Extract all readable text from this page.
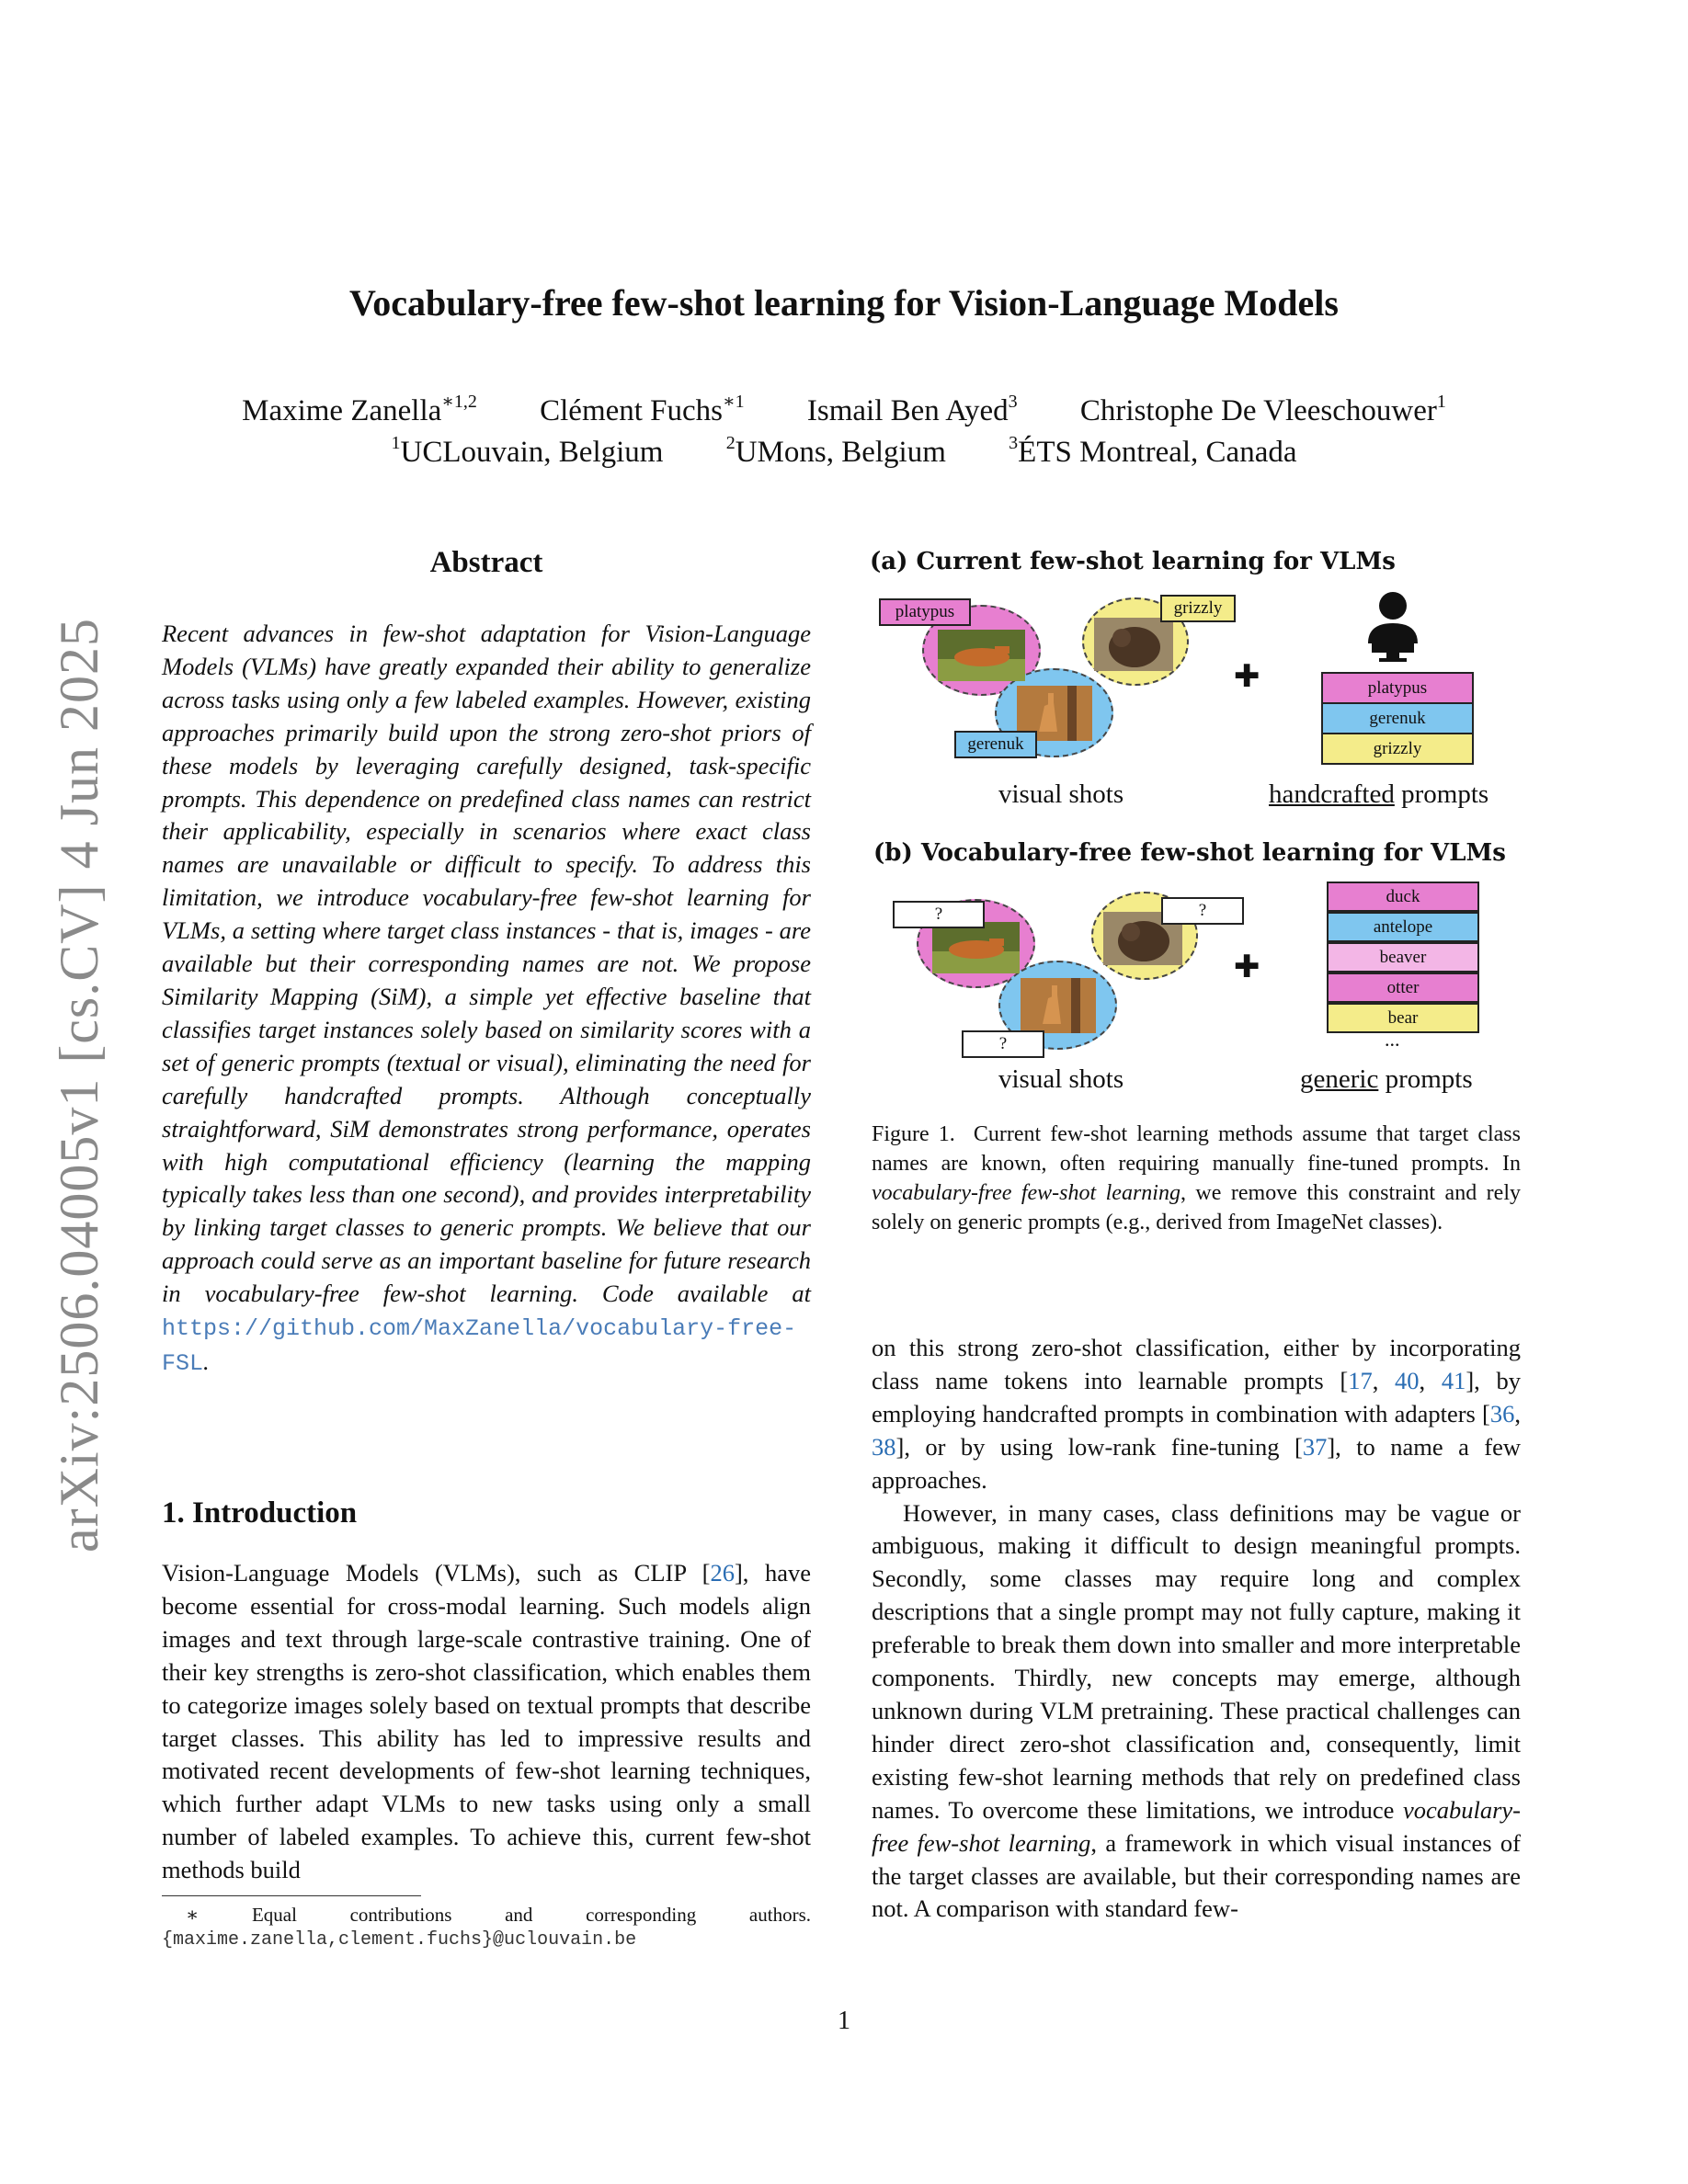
arXiv:2506.04005v1 [cs.CV] 4 Jun 2025
Vocabulary-free few-shot learning for Vision-Language Models
Maxime Zanella$^{∗1,2}$ Clément Fuchs$^{∗1}$ Ismail Ben Ayed$^3$ Christophe De Vleeschouwer$^1$
$^1$UCLouvain, Belgium	$^2$UMons, Belgium	$^3$ÉTS Montreal, Canada
Abstract
Recent advances in few-shot adaptation for Vision-Language Models (VLMs) have greatly expanded their ability to generalize across tasks using only a few labeled examples. However, existing approaches primarily build upon the strong zero-shot priors of these models by leveraging carefully designed, task-specific prompts. This dependence on predefined class names can restrict their applicability, especially in scenarios where exact class names are unavailable or difficult to specify. To address this limitation, we introduce vocabulary-free few-shot learning for VLMs, a setting where target class instances - that is, images - are available but their corresponding names are not. We propose Similarity Mapping (SiM), a simple yet effective baseline that classifies target instances solely based on similarity scores with a set of generic prompts (textual or visual), eliminating the need for carefully handcrafted prompts. Although conceptually straightforward, SiM demonstrates strong performance, operates with high computational efficiency (learning the mapping typically takes less than one second), and provides interpretability by linking target classes to generic prompts. We believe that our approach could serve as an important baseline for future research in vocabulary-free few-shot learning. Code available at https://github.com/MaxZanella/vocabulary-free-FSL.
1. Introduction
Vision-Language Models (VLMs), such as CLIP [26], have become essential for cross-modal learning. Such models align images and text through large-scale contrastive training. One of their key strengths is zero-shot classification, which enables them to categorize images solely based on textual prompts that describe target classes. This ability has led to impressive results and motivated recent developments of few-shot learning techniques, which further adapt VLMs to new tasks using only a small number of labeled examples. To achieve this, current few-shot methods build
∗	Equal	contributions	and	corresponding	authors.
{maxime.zanella,clement.fuchs}@uclouvain.be
(a) Current few-shot learning for VLMs
platypus	grizzly
gerenuk
✚	platypus
gerenuk
grizzly
visual shots	handcrafted prompts
(b) Vocabulary-free few-shot learning for VLMs
?	?
?
✚
duck
antelope
beaver
otter
bear
...
visual shots	generic prompts
Figure 1. Current few-shot learning methods assume that target class names are known, often requiring manually fine-tuned prompts. In vocabulary-free few-shot learning, we remove this constraint and rely solely on generic prompts (e.g., derived from ImageNet classes).

on this strong zero-shot classification, either by incorporating class name tokens into learnable prompts [17, 40, 41], by employing handcrafted prompts in combination with adapters [36, 38], or by using low-rank fine-tuning [37], to name a few approaches.

However, in many cases, class definitions may be vague or ambiguous, making it difficult to design meaningful prompts. Secondly, some classes may require long and complex descriptions that a single prompt may not fully capture, making it preferable to break them down into smaller and more interpretable components. Thirdly, new concepts may emerge, although unknown during VLM pretraining. These practical challenges can hinder direct zero-shot classification and, consequently, limit existing few-shot learning methods that rely on predefined class names. To overcome these limitations, we introduce vocabulary-free few-shot learning, a framework in which visual instances of the target classes are available, but their corresponding names are not. A comparison with standard few-

1
